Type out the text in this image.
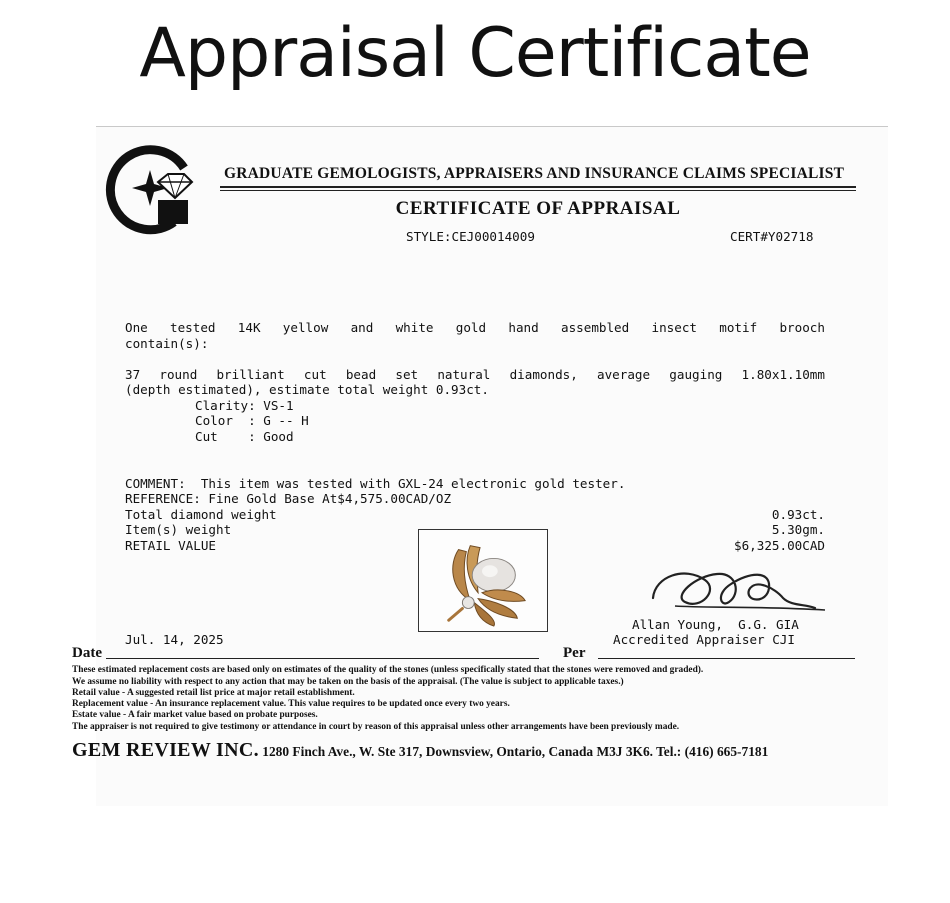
Appraisal Certificate
GRADUATE GEMOLOGISTS, APPRAISERS AND INSURANCE CLAIMS SPECIALIST
CERTIFICATE OF APPRAISAL
STYLE:CEJ00014009	CERT#Y02718
One tested 14K yellow and white gold hand assembled insect motif brooch
contain(s):
37 round brilliant cut bead set natural diamonds, average gauging 1.80x1.10mm
(depth estimated), estimate total weight 0.93ct.
Clarity: VS-1
Color  : G -- H
Cut    : Good
COMMENT:  This item was tested with GXL-24 electronic gold tester.
REFERENCE: Fine Gold Base At$4,575.00CAD/OZ
Total diamond weight	0.93ct.
Item(s) weight	5.30gm.
RETAIL VALUE	$6,325.00CAD
Jul. 14, 2025
Allan Young,  G.G. GIA
Accredited Appraiser CJI
Date	Per
These estimated replacement costs are based only on estimates of the quality of the stones (unless specifically stated that the stones were removed and graded).
We assume no liability with respect to any action that may be taken on the basis of the appraisal. (The value is subject to applicable taxes.)
Retail value - A suggested retail list price at major retail establishment.
Replacement value - An insurance replacement value. This value requires to be updated once every two years.
Estate value - A fair market value based on probate purposes.
The appraiser is not required to give testimony or attendance in court by reason of this appraisal unless other arrangements have been previously made.
GEM REVIEW INC. 1280 Finch Ave., W. Ste 317, Downsview, Ontario, Canada M3J 3K6. Tel.: (416) 665-7181
